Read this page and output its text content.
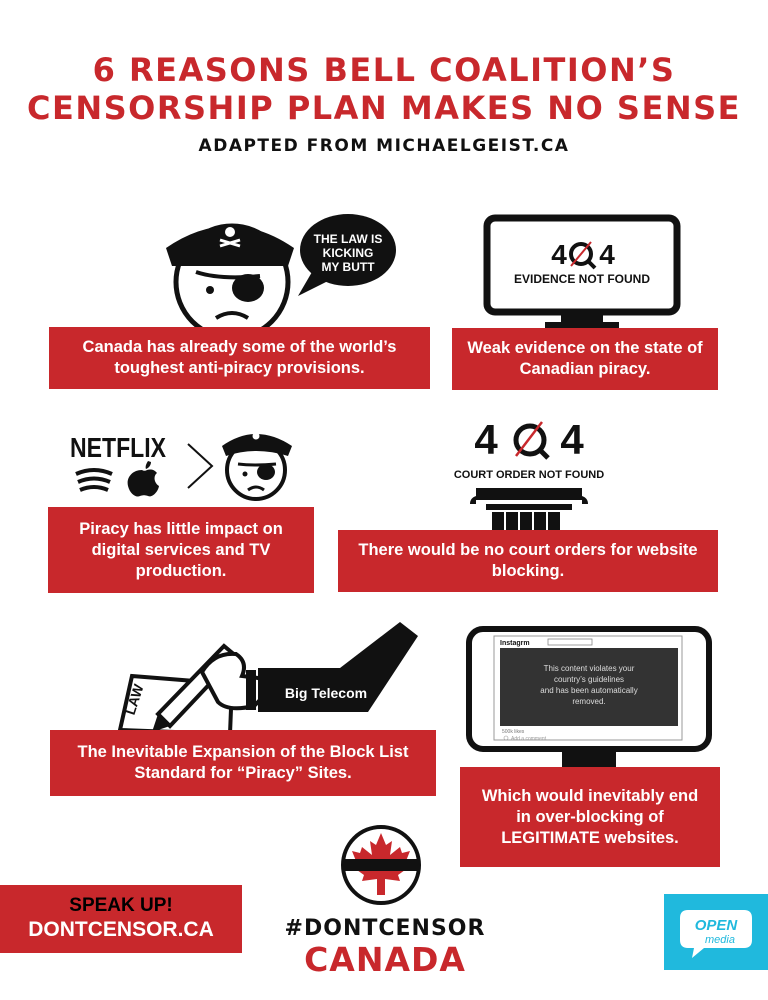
6 REASONS BELL COALITION’S
CENSORSHIP PLAN MAKES NO SENSE
ADAPTED FROM MICHAELGEIST.CA
THE LAW IS
KICKING
MY BUTT
Canada has already some of the world’s toughest anti-piracy provisions.
4 4
EVIDENCE NOT FOUND
Weak evidence on the state of Canadian piracy.
NETFLIX
Piracy has little impact on digital services and TV production.
4 4
COURT ORDER NOT FOUND
There would be no court orders for website blocking.
LAW	Big Telecom
The Inevitable Expansion of the Block List Standard for “Piracy” Sites.
Instagrm
This content violates your
country’s guidelines
and has been automatically
removed.
500k likes
Add a comment...
Which would inevitably end in over-blocking of LEGITIMATE websites.
SPEAK UP!
DONTCENSOR.CA	#DONTCENSOR
CANADA
OPEN
media
